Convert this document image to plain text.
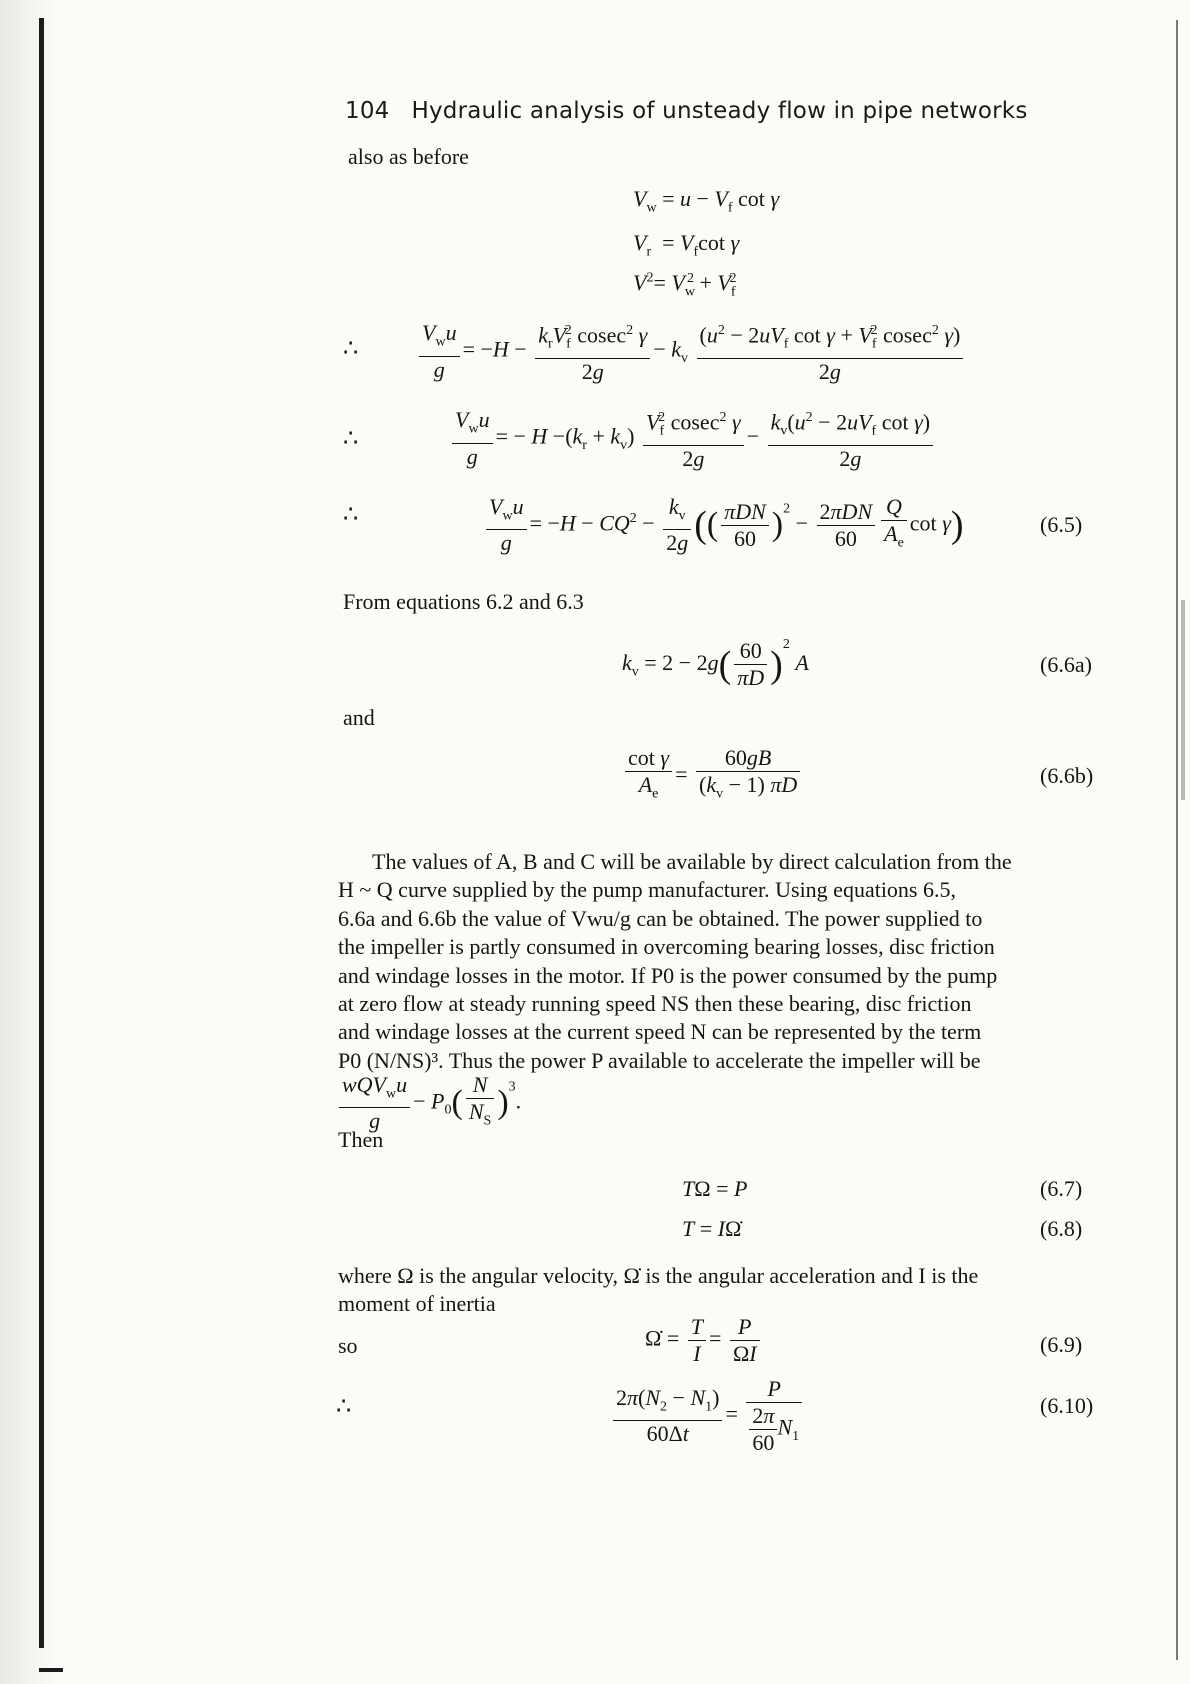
104 Hydraulic analysis of unsteady flow in pipe networks
also as before
$V_w = u - V_f$ cot γ
$V_r = V_f\cot$ γ
$V^2= V_w^2 + V_f^2$
∴	$\frac{V_wu}{g} = -H - \frac{k_rV_f^2 cosec^2 \gamma}{2g} - k_v \frac{(u^2 - 2uV_f \cot \gamma + V_f^2 cosec^2 \gamma)}{2g}$
∴	$\frac{V_wu}{g}$ = − $H -(k_r + k_v) \frac{V_f^2 cosec^2 \gamma}{2g} - \frac{k_v(u^2 - 2uV_f \cot \gamma)}{2g}$
∴	$\frac{V_wu}{g} = -H - CQ^2 - \frac{k_v}{2g}$ (( $\frac{\text{πDN}}{60} )^2 - \frac{\text{2πDN}}{60} \frac{Q}{A_e}$ cot γ)	(6.5)
From equations 6.2 and 6.3
$k_v = 2 - 2g( \frac{60}{\pi D} )^2$ A	(6.6a)
and
$\frac{\text{cot γ}}{A_e} = \frac{60gB}{(k_v - 1) \pi D}$	(6.6b)
The values of A, B and C will be available by direct calculation from the
H ~ Q curve supplied by the pump manufacturer. Using equations 6.5,
6.6a and 6.6b the value of Vwu/g can be obtained. The power supplied to
the impeller is partly consumed in overcoming bearing losses, disc friction
and windage losses in the motor. If P0 is the power consumed by the pump
at zero flow at steady running speed NS then these bearing, disc friction
and windage losses at the current speed N can be represented by the term
P0 (N/NS)³. Thus the power P available to accelerate the impeller will be
$\frac{wQV_wu}{g} - P_0( \frac{N}{N_S} )^3$.
Then
TΩ = P	(6.7)
T = IΩ̇	(6.8)
where Ω is the angular velocity, Ω̇ is the angular acceleration and I is the
moment of inertia
so	Ω̇ = $\frac{T}{I} = \frac{P}{\Omega I}$	(6.9)
∴	$\frac{2\pi(N_2 - N_1)}{60\Delta t} = \frac{P}{\frac{2\pi}{60} N_1}$	(6.10)
